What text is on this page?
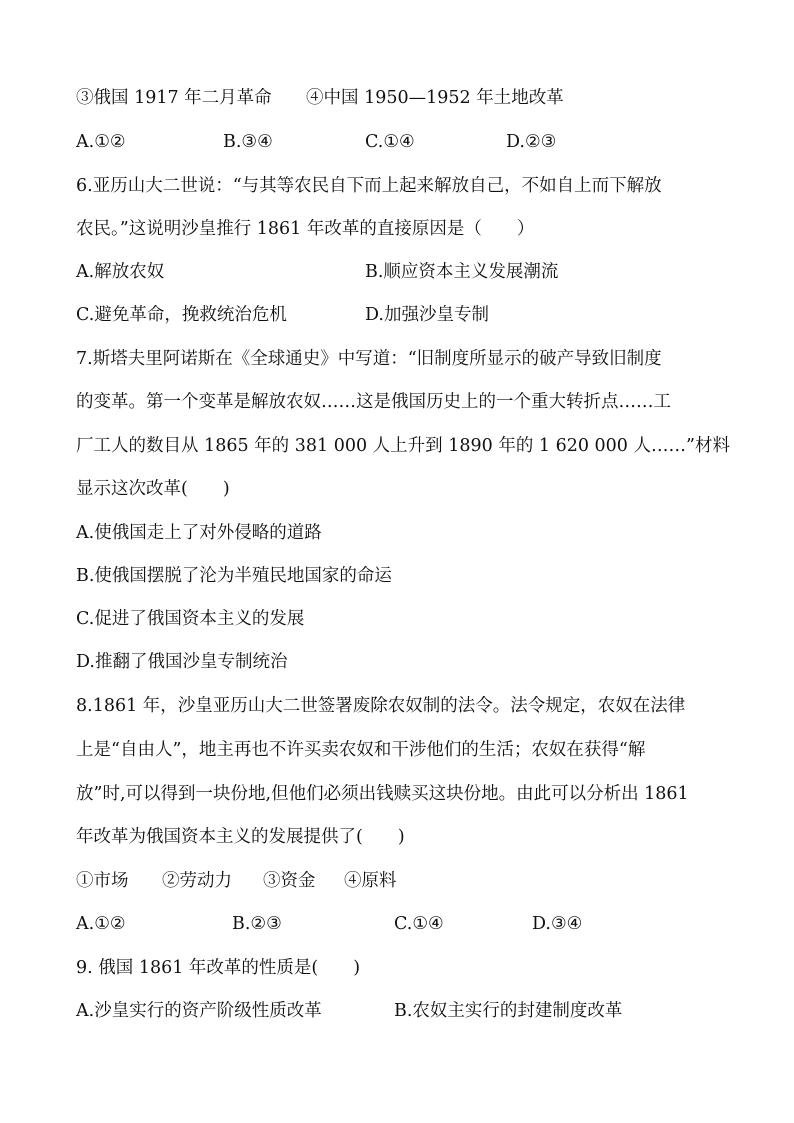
③俄国 1917 年二月革命 ④中国 1950—1952 年土地改革
A.①②	B.③④	C.①④	D.②③
6.亚历山大二世说：“与其等农民自下而上起来解放自己，不如自上而下解放
农民。”这说明沙皇推行 1861 年改革的直接原因是（　　）
A.解放农奴	B.顺应资本主义发展潮流
C.避免革命，挽救统治危机	D.加强沙皇专制
7.斯塔夫里阿诺斯在《全球通史》中写道：“旧制度所显示的破产导致旧制度
的变革。第一个变革是解放农奴……这是俄国历史上的一个重大转折点……工
厂工人的数目从 1865 年的 381 000 人上升到 1890 年的 1 620 000 人……”材料
显示这次改革(　　)
A.使俄国走上了对外侵略的道路
B.使俄国摆脱了沦为半殖民地国家的命运
C.促进了俄国资本主义的发展
D.推翻了俄国沙皇专制统治
8.1861 年，沙皇亚历山大二世签署废除农奴制的法令。法令规定，农奴在法律
上是“自由人”，地主再也不许买卖农奴和干涉他们的生活；农奴在获得“解
放”时,可以得到一块份地,但他们必须出钱赎买这块份地。由此可以分析出 1861
年改革为俄国资本主义的发展提供了(　　)
①市场 ②劳动力 ③资金 ④原料
A.①②	B.②③	C.①④	D.③④
9. 俄国 1861 年改革的性质是(　　)
A.沙皇实行的资产阶级性质改革	B.农奴主实行的封建制度改革
